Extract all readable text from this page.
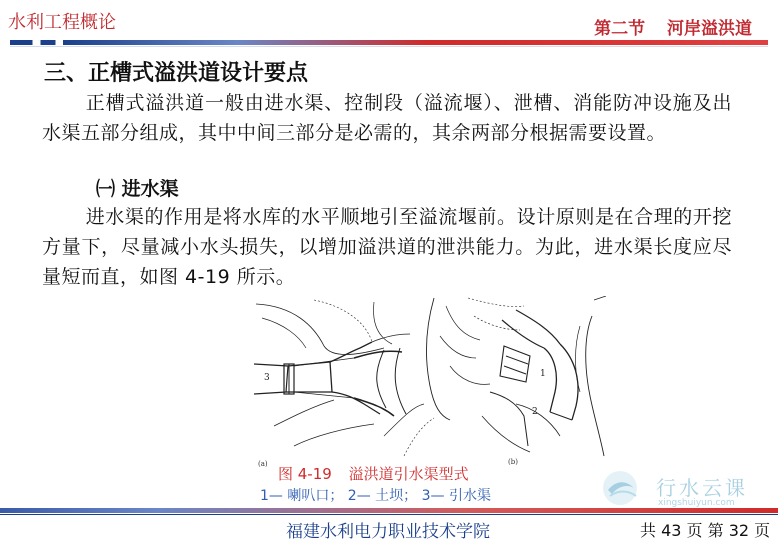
水利工程概论	第二节 河岸溢洪道
三、正槽式溢洪道设计要点
正槽式溢洪道一般由进水渠、控制段（溢流堰）、泄槽、消能防冲设施及出水渠五部分组成，其中中间三部分是必需的，其余两部分根据需要设置。
㈠ 进水渠
进水渠的作用是将水库的水平顺地引至溢流堰前。设计原则是在合理的开挖方量下，尽量减小水头损失，以增加溢洪道的泄洪能力。为此，进水渠长度应尽量短而直，如图 4-19 所示。
(a)	(b)
3	1
2
图 4-19 溢洪道引水渠型式
1— 喇叭口； 2— 土坝； 3— 引水渠	行水云课
xingshuiyun.com
福建水利电力职业技术学院	共 43 页 第 32 页
